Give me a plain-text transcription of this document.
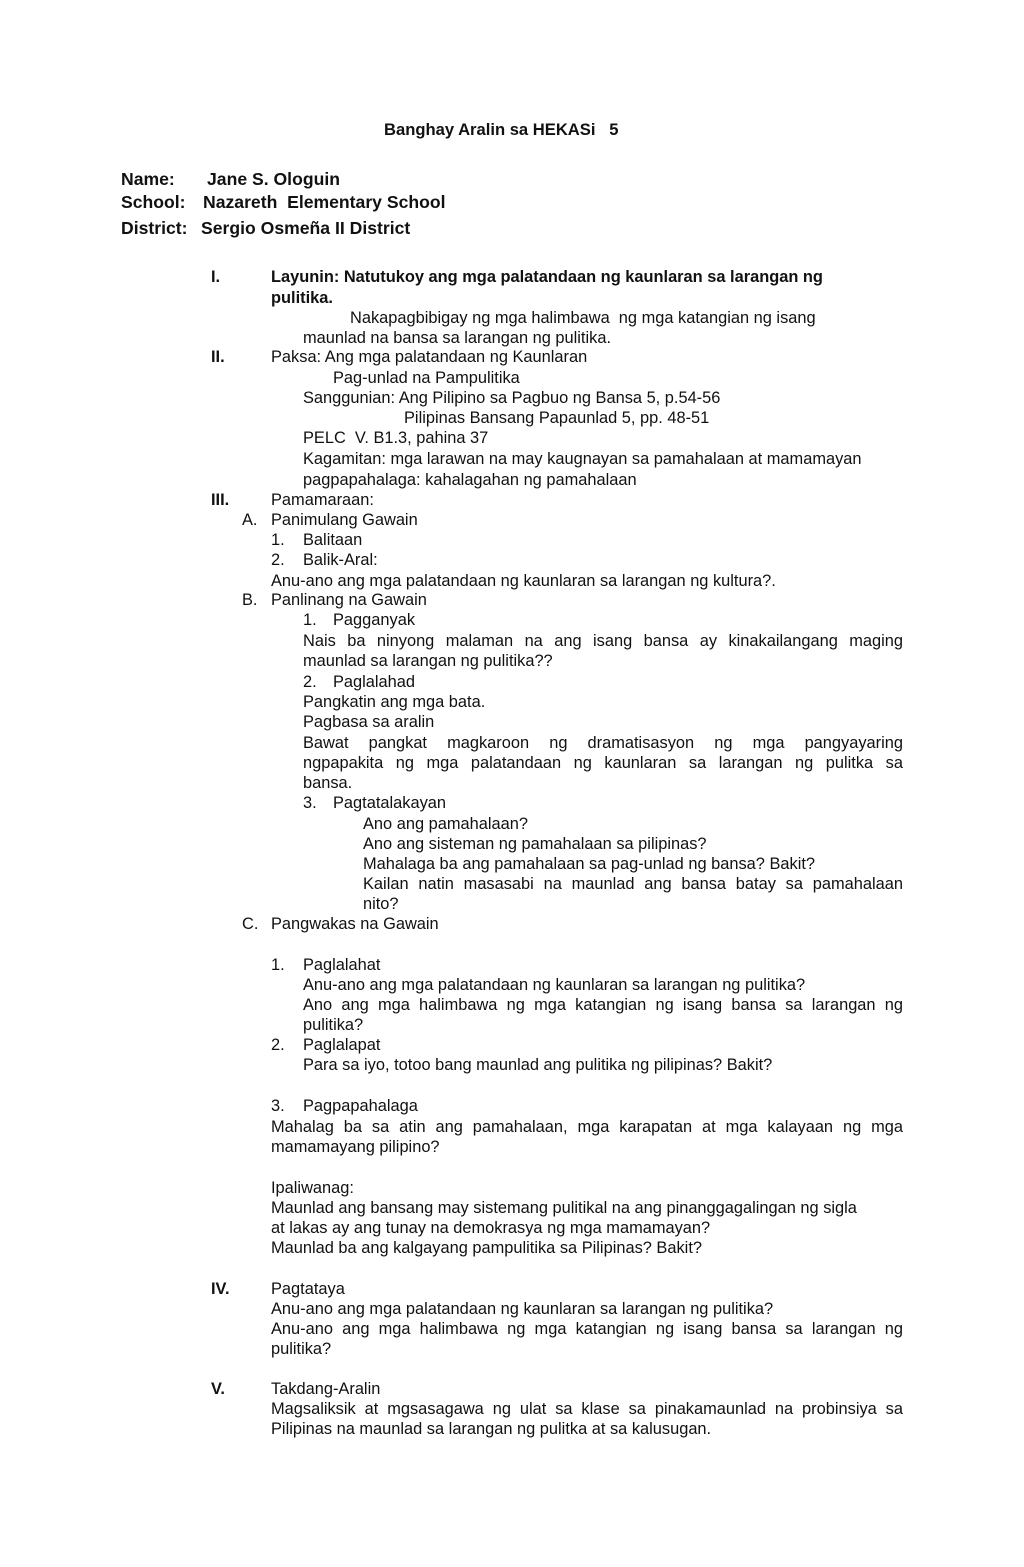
Banghay Aralin sa HEKASi   5
Name: Jane S. Ologuin
School: Nazareth  Elementary School
District: Sergio Osmeña II District
I.	Layunin: Natutukoy ang mga palatandaan ng kaunlaran sa larangan ng
pulitika.
Nakapagbibigay ng mga halimbawa  ng mga katangian ng isang
maunlad na bansa sa larangan ng pulitika.
II.	Paksa: Ang mga palatandaan ng Kaunlaran
Pag-unlad na Pampulitika
Sanggunian: Ang Pilipino sa Pagbuo ng Bansa 5, p.54-56
Pilipinas Bansang Papaunlad 5, pp. 48-51
PELC  V. B1.3, pahina 37
Kagamitan: mga larawan na may kaugnayan sa pamahalaan at mamamayan
pagpapahalaga: kahalagahan ng pamahalaan
III.	Pamamaraan:
A. Panimulang Gawain
1. Balitaan
2. Balik-Aral:
Anu-ano ang mga palatandaan ng kaunlaran sa larangan ng kultura?.
B. Panlinang na Gawain
1. Pagganyak
Nais ba ninyong malaman na ang isang bansa ay kinakailangang maging
maunlad sa larangan ng pulitika??
2. Paglalahad
Pangkatin ang mga bata.
Pagbasa sa aralin
Bawat pangkat magkaroon ng dramatisasyon ng mga pangyayaring
ngpapakita ng mga palatandaan ng kaunlaran sa larangan ng pulitka sa
bansa.
3. Pagtatalakayan
Ano ang pamahalaan?
Ano ang sisteman ng pamahalaan sa pilipinas?
Mahalaga ba ang pamahalaan sa pag-unlad ng bansa? Bakit?
Kailan natin masasabi na maunlad ang bansa batay sa pamahalaan
nito?
C. Pangwakas na Gawain
1. Paglalahat
Anu-ano ang mga palatandaan ng kaunlaran sa larangan ng pulitika?
Ano ang mga halimbawa ng mga katangian ng isang bansa sa larangan ng
pulitika?
2. Paglalapat
Para sa iyo, totoo bang maunlad ang pulitika ng pilipinas? Bakit?
3. Pagpapahalaga
Mahalag ba sa atin ang pamahalaan, mga karapatan at mga kalayaan ng mga
mamamayang pilipino?
Ipaliwanag:
Maunlad ang bansang may sistemang pulitikal na ang pinanggagalingan ng sigla
at lakas ay ang tunay na demokrasya ng mga mamamayan?
Maunlad ba ang kalgayang pampulitika sa Pilipinas? Bakit?
IV.	Pagtataya
Anu-ano ang mga palatandaan ng kaunlaran sa larangan ng pulitika?
Anu-ano ang mga halimbawa ng mga katangian ng isang bansa sa larangan ng
pulitika?
V.	Takdang-Aralin
Magsaliksik at mgsasagawa ng ulat sa klase sa pinakamaunlad na probinsiya sa
Pilipinas na maunlad sa larangan ng pulitka at sa kalusugan.
